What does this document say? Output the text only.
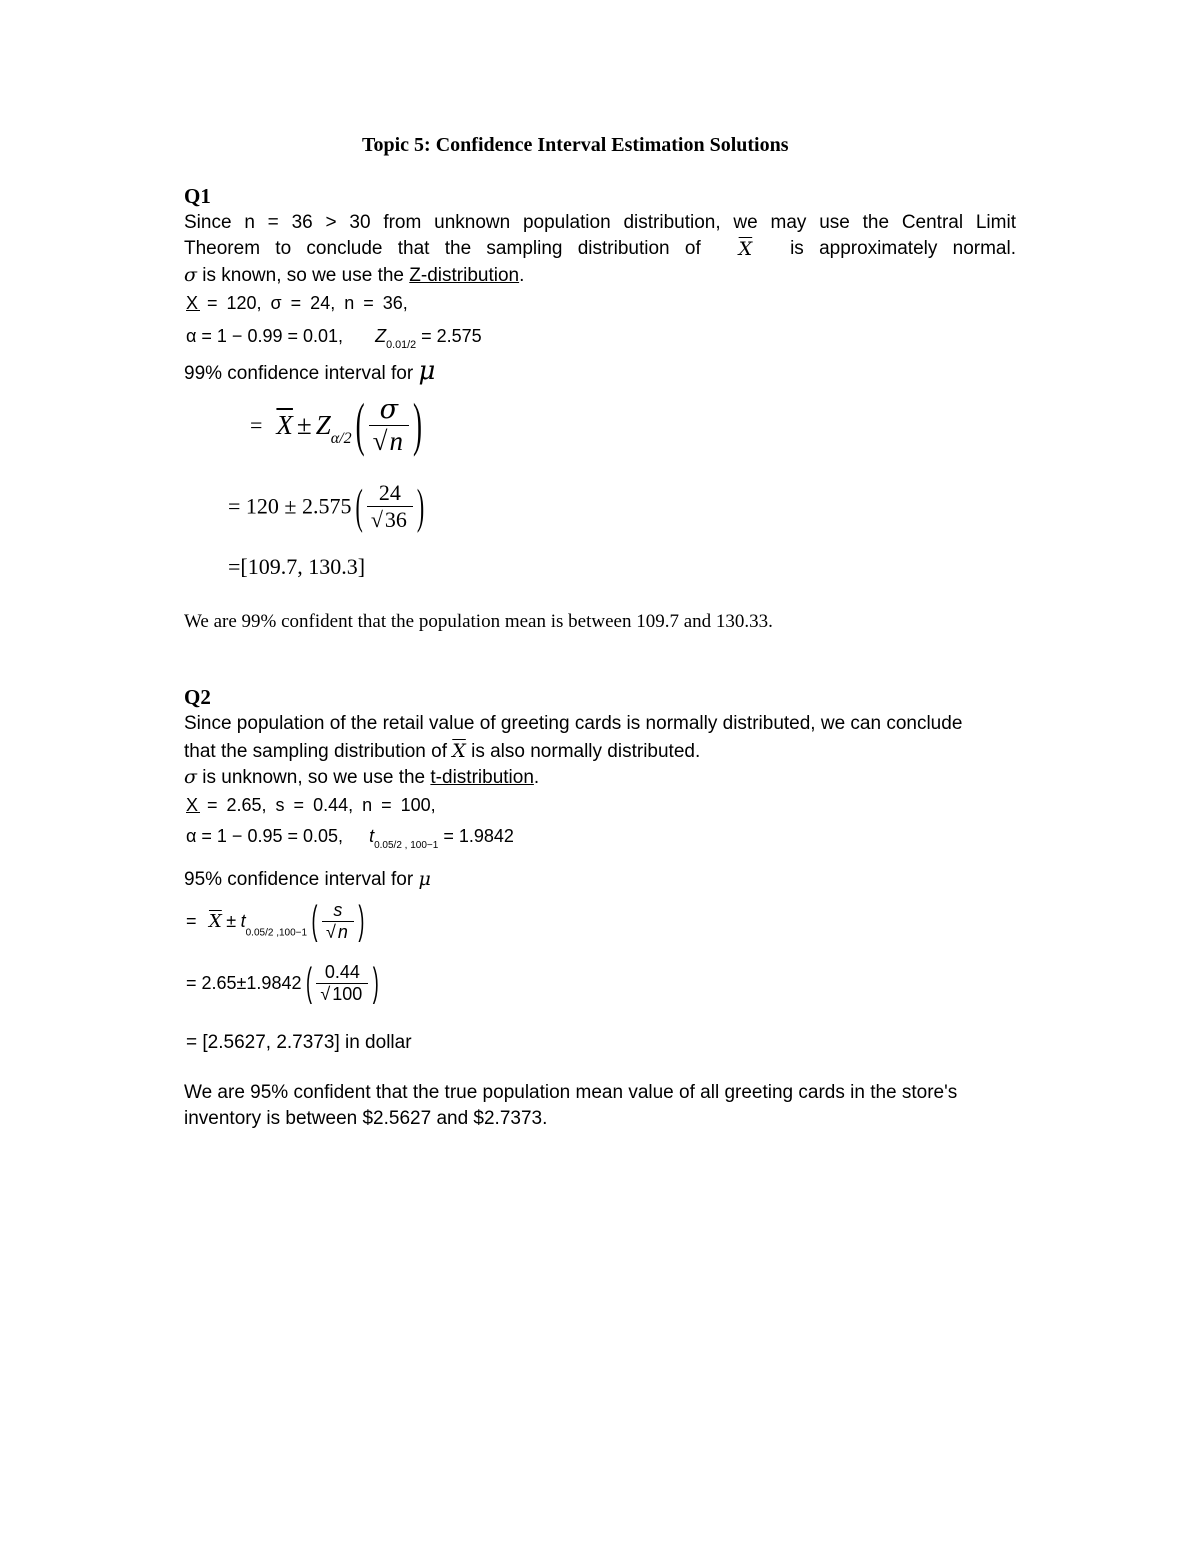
Topic 5: Confidence Interval Estimation Solutions
Q1
Since n = 36 > 30 from unknown population distribution, we may use the Central Limit
Theorem to conclude that the sampling distribution of $\overline{X}$ is approximately normal.
σ is known, so we use the Z-distribution.
X = 120, σ = 24, n = 36,
α = 1 − 0.99 = 0.01, $Z_{0.01/2} = 2.575$
99% confidence interval for μ
= $\overline{X} \pm Z\alpha/2$ ( $\frac{\sigma}{√n}$ )
= 120 ± 2.575 ( $\frac{24}{√36}$ )
=[109.7, 130.3]
We are 99% confident that the population mean is between 109.7 and 130.33.
Q2
Since population of the retail value of greeting cards is normally distributed, we can conclude
that the sampling distribution of $\overline{X}$ is also normally distributed.
σ is unknown, so we use the t-distribution.
X = 2.65, s = 0.44, n = 100,
α = 1 − 0.95 = 0.05, $t_{0.05/2 , 100-1} = 1.9842$
95% confidence interval for μ
= $\overline{X} \pm t_{0.05/2 ,100-1}$ ( $\frac{s}{√ n}$ )
= 2.65±1.9842 ( $\frac{0.44}{√ 100}$ )
= [2.5627, 2.7373] in dollar
We are 95% confident that the true population mean value of all greeting cards in the store's
inventory is between $2.5627 and $2.7373.
